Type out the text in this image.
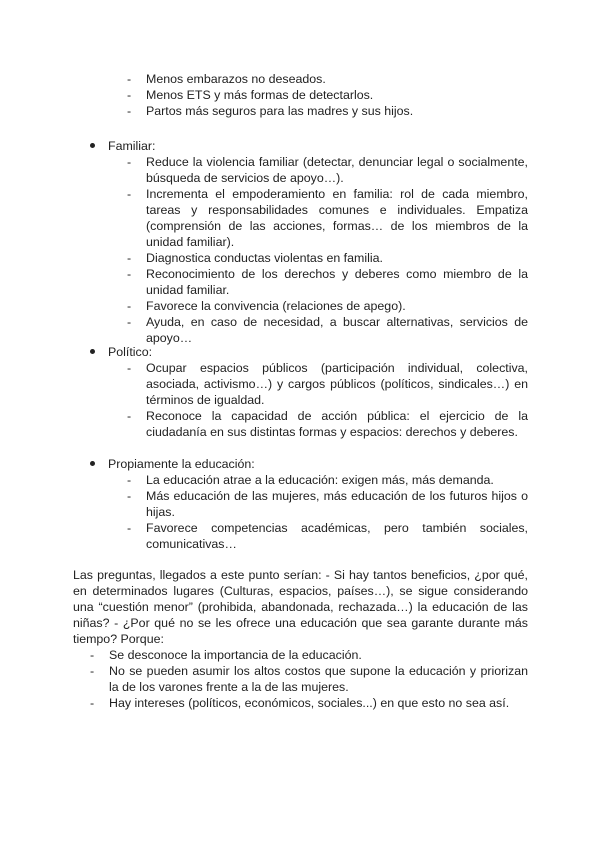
- Menos embarazos no deseados.
- Menos ETS y más formas de detectarlos.
- Partos más seguros para las madres y sus hijos.
Familiar:
- Reduce la violencia familiar (detectar, denunciar legal o socialmente, búsqueda de servicios de apoyo…).
- Incrementa el empoderamiento en familia: rol de cada miembro, tareas y responsabilidades comunes e individuales. Empatiza (comprensión de las acciones, formas… de los miembros de la unidad familiar).
- Diagnostica conductas violentas en familia.
- Reconocimiento de los derechos y deberes como miembro de la unidad familiar.
- Favorece la convivencia (relaciones de apego).
- Ayuda, en caso de necesidad, a buscar alternativas, servicios de apoyo…
Político:
- Ocupar espacios públicos (participación individual, colectiva, asociada, activismo…) y cargos públicos (políticos, sindicales…) en términos de igualdad.
- Reconoce la capacidad de acción pública: el ejercicio de la ciudadanía en sus distintas formas y espacios: derechos y deberes.
Propiamente la educación:
- La educación atrae a la educación: exigen más, más demanda.
- Más educación de las mujeres, más educación de los futuros hijos o hijas.
- Favorece competencias académicas, pero también sociales, comunicativas…

Las preguntas, llegados a este punto serían: - Si hay tantos beneficios, ¿por qué, en determinados lugares (Culturas, espacios, países…), se sigue considerando una “cuestión menor” (prohibida, abandonada, rechazada…) la educación de las niñas? - ¿Por qué no se les ofrece una educación que sea garante durante más tiempo? Porque:

- Se desconoce la importancia de la educación.
- No se pueden asumir los altos costos que supone la educación y priorizan la de los varones frente a la de las mujeres.
- Hay intereses (políticos, económicos, sociales...) en que esto no sea así.
